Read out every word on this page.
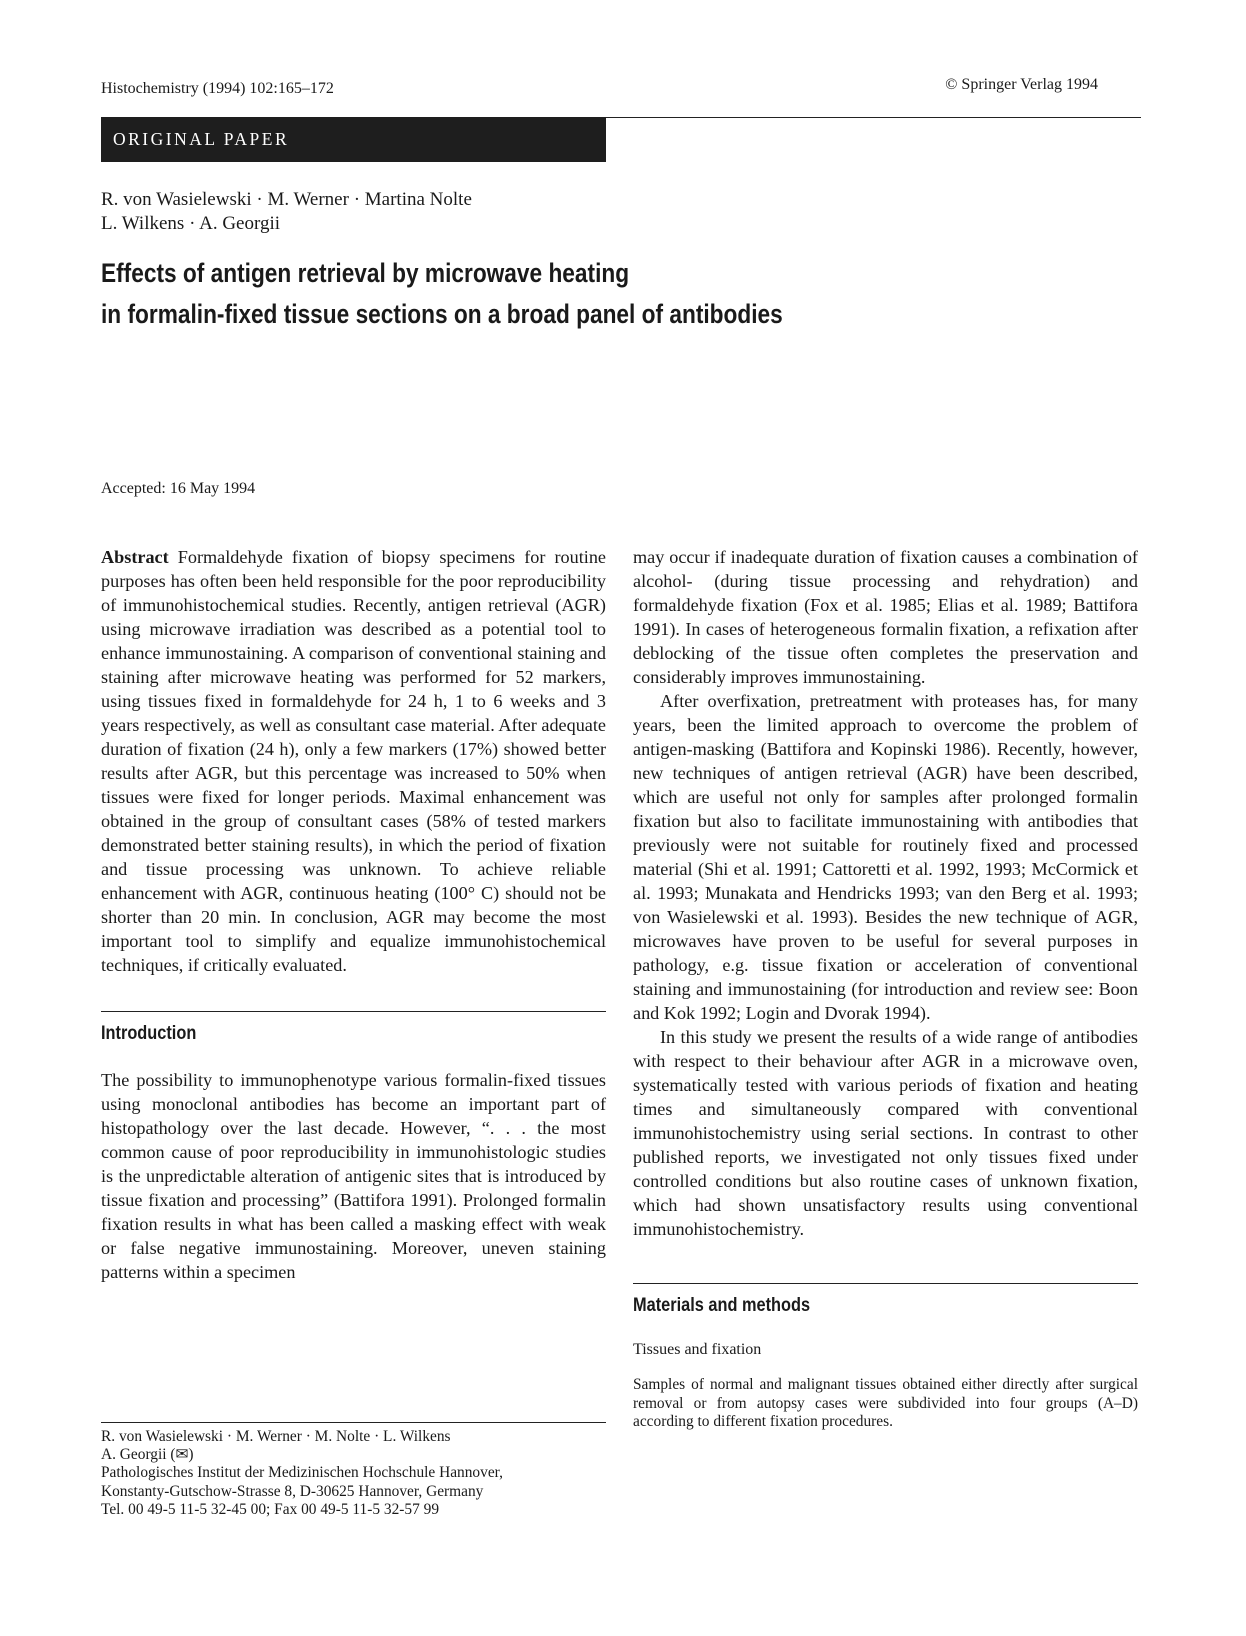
Histochemistry (1994) 102:165–172	© Springer Verlag 1994
ORIGINAL PAPER
R. von Wasielewski · M. Werner · Martina Nolte
L. Wilkens · A. Georgii
Effects of antigen retrieval by microwave heating
in formalin-fixed tissue sections on a broad panel of antibodies
Accepted: 16 May 1994

Abstract Formaldehyde fixation of biopsy specimens for routine purposes has often been held responsible for the poor reproducibility of immunohistochemical studies. Recently, antigen retrieval (AGR) using microwave irradiation was described as a potential tool to enhance immunostaining. A comparison of conventional staining and staining after microwave heating was performed for 52 markers, using tissues fixed in formaldehyde for 24 h, 1 to 6 weeks and 3 years respectively, as well as consultant case material. After adequate duration of fixation (24 h), only a few markers (17%) showed better results after AGR, but this percentage was increased to 50% when tissues were fixed for longer periods. Maximal enhancement was obtained in the group of consultant cases (58% of tested markers demonstrated better staining results), in which the period of fixation and tissue processing was unknown. To achieve reliable enhancement with AGR, continuous heating (100° C) should not be shorter than 20 min. In conclusion, AGR may become the most important tool to simplify and equalize immunohistochemical techniques, if critically evaluated.

Introduction

The possibility to immunophenotype various formalin-fixed tissues using monoclonal antibodies has become an important part of histopathology over the last decade. However, “. . . the most common cause of poor reproducibility in immunohistologic studies is the unpredictable alteration of antigenic sites that is introduced by tissue fixation and processing” (Battifora 1991). Prolonged formalin fixation results in what has been called a masking effect with weak or false negative immunostaining. Moreover, uneven staining patterns within a specimen

R. von Wasielewski · M. Werner · M. Nolte · L. Wilkens
A. Georgii (✉)
Pathologisches Institut der Medizinischen Hochschule Hannover,
Konstanty-Gutschow-Strasse 8, D-30625 Hannover, Germany
Tel. 00 49-5 11-5 32-45 00; Fax 00 49-5 11-5 32-57 99

may occur if inadequate duration of fixation causes a combination of alcohol- (during tissue processing and rehydration) and formaldehyde fixation (Fox et al. 1985; Elias et al. 1989; Battifora 1991). In cases of heterogeneous formalin fixation, a refixation after deblocking of the tissue often completes the preservation and considerably improves immunostaining.

After overfixation, pretreatment with proteases has, for many years, been the limited approach to overcome the problem of antigen-masking (Battifora and Kopinski 1986). Recently, however, new techniques of antigen retrieval (AGR) have been described, which are useful not only for samples after prolonged formalin fixation but also to facilitate immunostaining with antibodies that previously were not suitable for routinely fixed and processed material (Shi et al. 1991; Cattoretti et al. 1992, 1993; McCormick et al. 1993; Munakata and Hendricks 1993; van den Berg et al. 1993; von Wasielewski et al. 1993). Besides the new technique of AGR, microwaves have proven to be useful for several purposes in pathology, e.g. tissue fixation or acceleration of conventional staining and immunostaining (for introduction and review see: Boon and Kok 1992; Login and Dvorak 1994).

In this study we present the results of a wide range of antibodies with respect to their behaviour after AGR in a microwave oven, systematically tested with various periods of fixation and heating times and simultaneously compared with conventional immunohistochemistry using serial sections. In contrast to other published reports, we investigated not only tissues fixed under controlled conditions but also routine cases of unknown fixation, which had shown unsatisfactory results using conventional immunohistochemistry.

Materials and methods
Tissues and fixation

Samples of normal and malignant tissues obtained either directly after surgical removal or from autopsy cases were subdivided into four groups (A–D) according to different fixation procedures.
